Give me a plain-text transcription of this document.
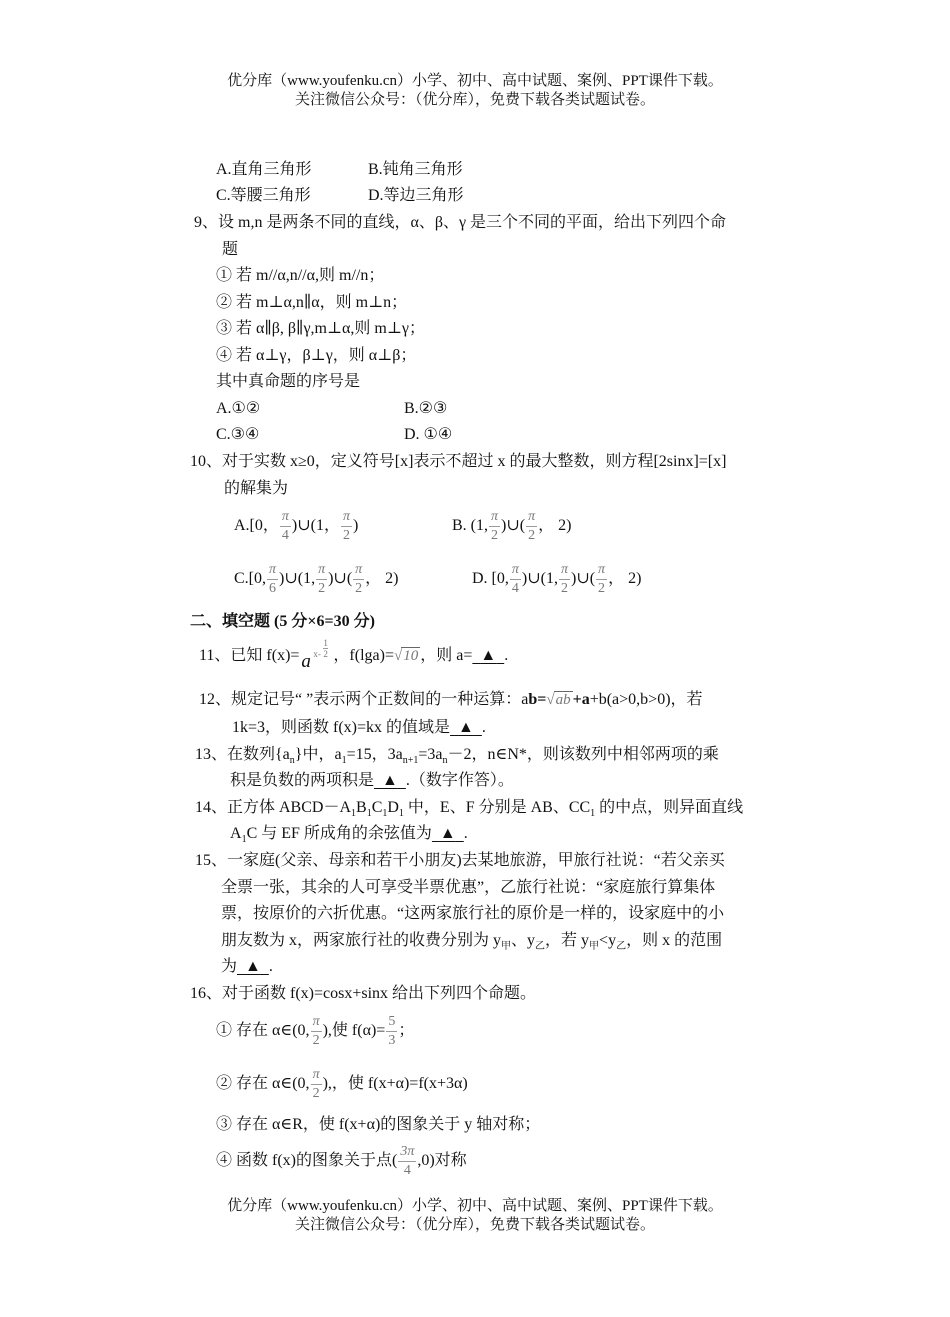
优分库（www.youfenku.cn）小学、初中、高中试题、案例、PPT课件下载。
关注微信公众号：（优分库），免费下载各类试题试卷。
A.直角三角形	B.钝角三角形
C.等腰三角形	D.等边三角形
9、设 m,n 是两条不同的直线，α、β、γ 是三个不同的平面，给出下列四个命
题
① 若 m//α,n//α,则 m//n；
② 若 m⊥α,n∥α，则 m⊥n；
③ 若 α∥β, β∥γ,m⊥α,则 m⊥γ；
④ 若 α⊥γ，β⊥γ，则 α⊥β；
其中真命题的序号是
A.①②	B.②③
C.③④	D. ①④
10、对于实数 x≥0，定义符号[x]表示不超过 x 的最大整数，则方程[2sinx]=[x]
的解集为
A.[0， $\frac{\pi}{4}$ )∪(1， $\frac{\pi}{2}$ )	B. (1, $\frac{\pi}{2}$ )∪( $\frac{\pi}{2}$ ， 2)
C.[0, $\frac{\pi}{6}$ )∪(1, $\frac{\pi}{2}$ )∪( $\frac{\pi}{2}$ ， 2)	D. [0, $\frac{\pi}{4}$ )∪(1, $\frac{\pi}{2}$ )∪( $\frac{\pi}{2}$ ， 2)
二、填空题 (5 分×6=30 分)
11、已知 f(x)= a x-
1
2 ，f(lga)=√10 ，则 a= ▲ .
12、规定记号“ ”表示两个正数间的一种运算：ab=√ab +a+b(a>0,b>0)，若
1k=3，则函数 f(x)=kx 的值域是 ▲ .
13、在数列$\{a_n\}$中，$a_1=15$，$3a_{n+1}=3a_n-2$，n∈N*，则该数列中相邻两项的乘
积是负数的两项积是 ▲ .（数字作答）。
14、正方体 $ABCD-A_1B_1C_1D_1$ 中，E、F 分别是 AB、$CC_1$ 的中点，则异面直线
$A_1C$ 与 EF 所成角的余弦值为 ▲ .
15、一家庭(父亲、母亲和若干小朋友)去某地旅游，甲旅行社说：“若父亲买
全票一张，其余的人可享受半票优惠”，乙旅行社说：“家庭旅行算集体
票，按原价的六折优惠。“这两家旅行社的原价是一样的，设家庭中的小
朋友数为 x，两家旅行社的收费分别为 $y_甲$、$y_乙$，若 $y_甲<y_乙$，则 x 的范围
为 ▲ .
16、对于函数 f(x)=cosx+sinx 给出下列四个命题。
① 存在 α∈(0, $\frac{\pi}{2}$ ),使 $f(\alpha)= \frac{5}{3}$ ；
② 存在 α∈(0, $\frac{\pi}{2}$ ),，使 f(x+α)=f(x+3α)
③ 存在 α∈R，使 f(x+α)的图象关于 y 轴对称；
④ 函数 f(x)的图象关于点( $\frac{3\pi}{4} ,0$)对称
优分库（www.youfenku.cn）小学、初中、高中试题、案例、PPT课件下载。
关注微信公众号：（优分库），免费下载各类试题试卷。
